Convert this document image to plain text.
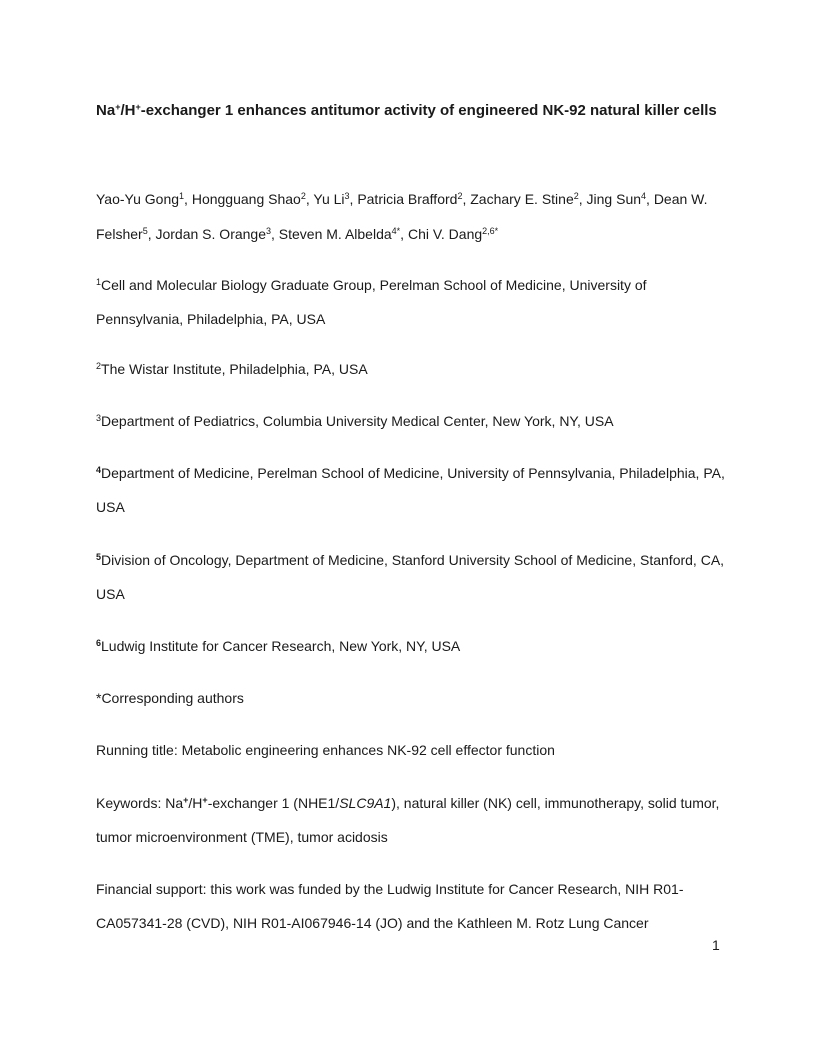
Na+/H+-exchanger 1 enhances antitumor activity of engineered NK-92 natural killer cells

Yao-Yu Gong$^1$, Hongguang Shao$^2$, Yu Li$^3$, Patricia Brafford$^2$, Zachary E. Stine$^2$, Jing Sun$^4$, Dean W. Felsher$^5$, Jordan S. Orange$^3$, Steven M. Albelda$^{4*}$, Chi V. Dang$^{2,6*}$

$^1$Cell and Molecular Biology Graduate Group, Perelman School of Medicine, University of Pennsylvania, Philadelphia, PA, USA

$^2$The Wistar Institute, Philadelphia, PA, USA

$^3$Department of Pediatrics, Columbia University Medical Center, New York, NY, USA

$^4$Department of Medicine, Perelman School of Medicine, University of Pennsylvania, Philadelphia, PA, USA

$^5$Division of Oncology, Department of Medicine, Stanford University School of Medicine, Stanford, CA, USA

$^6$Ludwig Institute for Cancer Research, New York, NY, USA

*Corresponding authors

Running title: Metabolic engineering enhances NK-92 cell effector function

Keywords: Na+/H+-exchanger 1 (NHE1/SLC9A1), natural killer (NK) cell, immunotherapy, solid tumor, tumor microenvironment (TME), tumor acidosis

Financial support: this work was funded by the Ludwig Institute for Cancer Research, NIH R01-CA057341-28 (CVD), NIH R01-AI067946-14 (JO) and the Kathleen M. Rotz Lung Cancer

1
